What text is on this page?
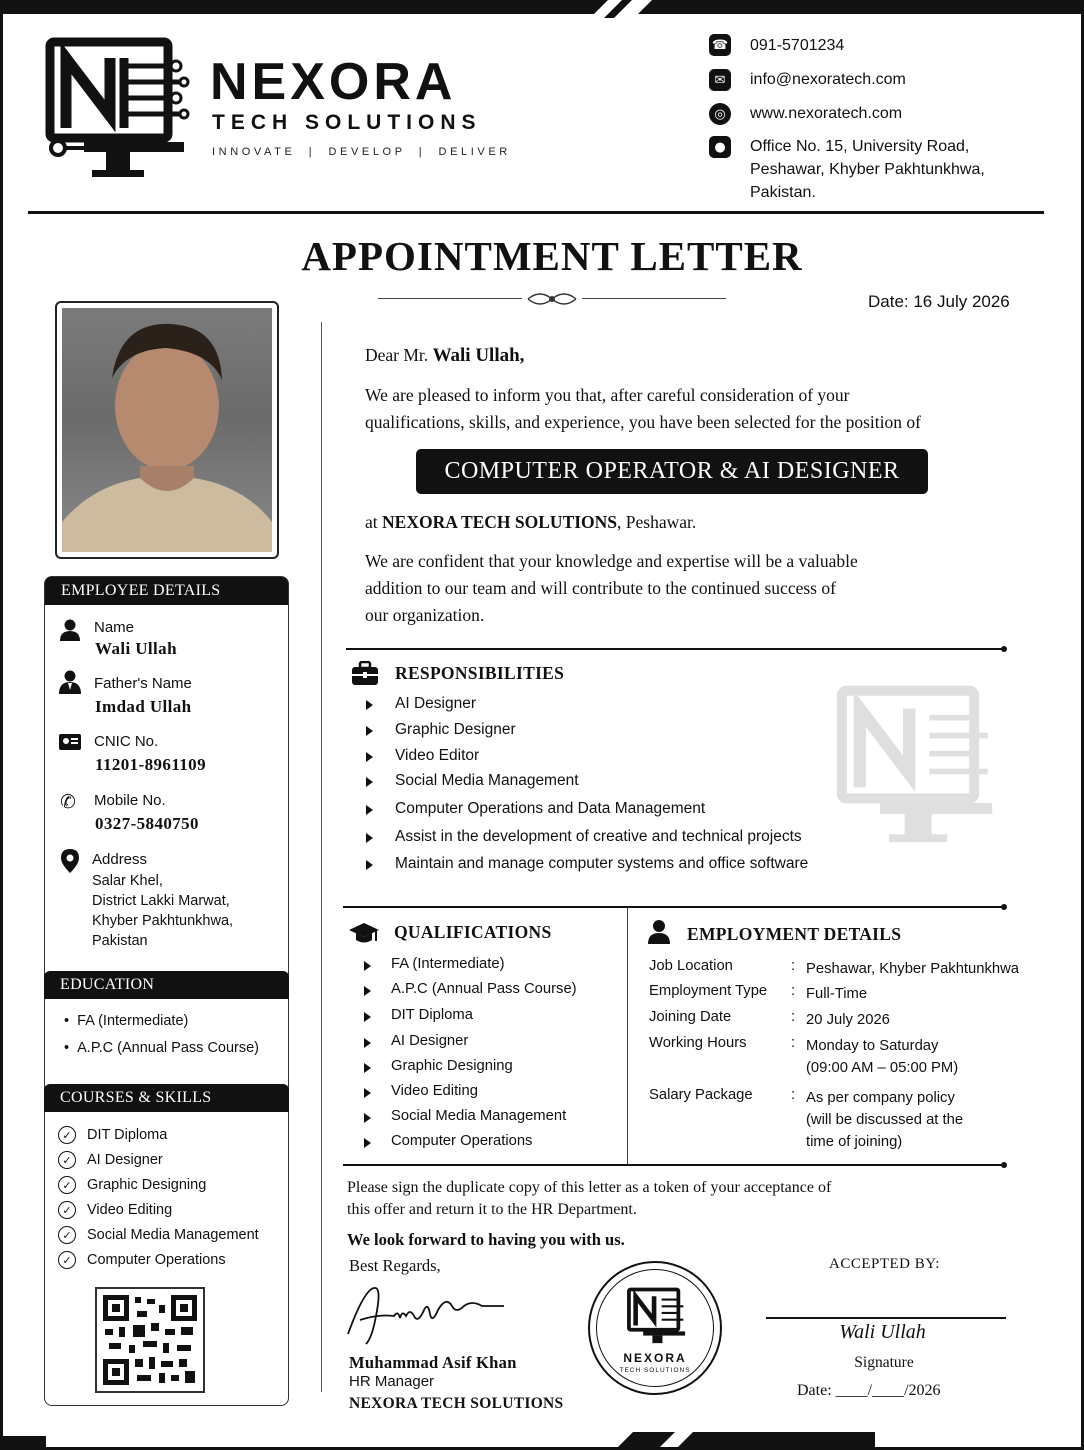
NEXORA
TECH SOLUTIONS
INNOVATE  |  DEVELOP  |  DELIVER
☎ 091-5701234
✉	info@nexoratech.com
◎	www.nexoratech.com
●	Office No. 15, University Road,
Peshawar, Khyber Pakhtunkhwa,
Pakistan.
APPOINTMENT LETTER
Date: 16 July 2026
EMPLOYEE DETAILS
Name
Wali Ullah
Father's Name
Imdad Ullah
CNIC No.
11201-8961109
✆ Mobile No.
0327-5840750
Address
Salar Khel,
District Lakki Marwat,
Khyber Pakhtunkhwa,
Pakistan
EDUCATION
•  FA (Intermediate)
•  A.P.C (Annual Pass Course)
COURSES & SKILLS
✓	DIT Diploma
✓	AI Designer
✓	Graphic Designing
✓	Video Editing
✓	Social Media Management
✓	Computer Operations
Dear Mr. Wali Ullah,
We are pleased to inform you that, after careful consideration of your
qualifications, skills, and experience, you have been selected for the position of
COMPUTER OPERATOR & AI DESIGNER
at NEXORA TECH SOLUTIONS, Peshawar.
We are confident that your knowledge and expertise will be a valuable
addition to our team and will contribute to the continued success of
our organization.
RESPONSIBILITIES
AI Designer
Graphic Designer
Video Editor
Social Media Management
Computer Operations and Data Management
Assist in the development of creative and technical projects
Maintain and manage computer systems and office software
QUALIFICATIONS
FA (Intermediate)
A.P.C (Annual Pass Course)
DIT Diploma
AI Designer
Graphic Designing
Video Editing
Social Media Management
Computer Operations
EMPLOYMENT DETAILS
Job Location	: Peshawar, Khyber Pakhtunkhwa
Employment Type : Full-Time
Joining Date	: 20 July 2026
Working Hours	: Monday to Saturday
(09:00 AM – 05:00 PM)
Salary Package	: As per company policy
(will be discussed at the
time of joining)
Please sign the duplicate copy of this letter as a token of your acceptance of
this offer and return it to the HR Department.
We look forward to having you with us.
Best Regards,
Muhammad Asif Khan
HR Manager
NEXORA TECH SOLUTIONS
NEXORA
TECH SOLUTIONS
ACCEPTED BY:
Wali Ullah
Signature
Date: ____/____/2026
